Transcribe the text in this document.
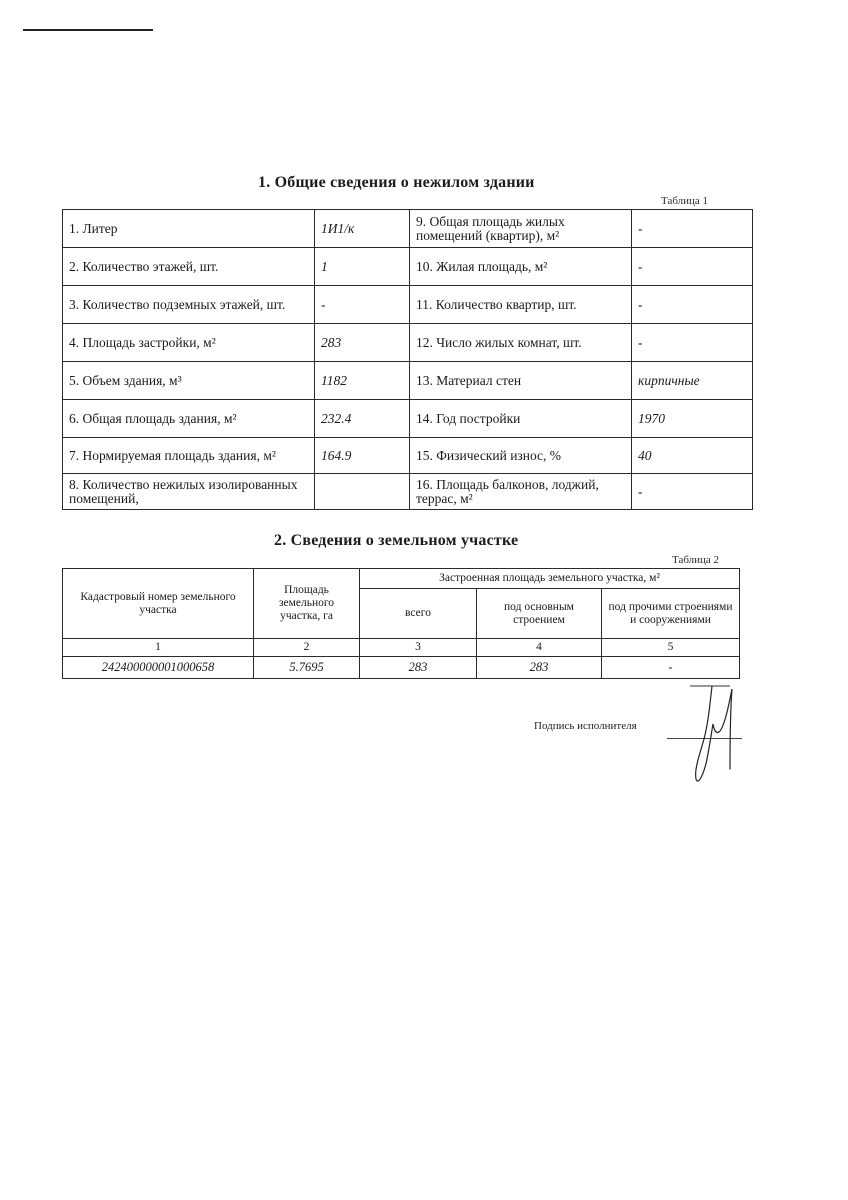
1. Общие сведения о нежилом здании
Таблица 1
1. Литер	1И1/к	9. Общая площадь жилых помещений (квартир), м²	-
2. Количество этажей, шт.	1	10. Жилая площадь, м²	-
3. Количество подземных этажей, шт.	-	11. Количество квартир, шт.	-
4. Площадь застройки, м²	283	12. Число жилых комнат, шт.	-
5. Объем здания, м³	1182	13. Материал стен	кирпичные
6. Общая площадь здания, м²	232.4	14. Год постройки	1970
7. Нормируемая площадь здания, м²	164.9	15. Физический износ, %	40
8. Количество нежилых изолированных помещений,		16. Площадь балконов, лоджий, террас, м²	-
2. Сведения о земельном участке
Таблица 2
Кадастровый номер земельного участка	Площадь земельного участка, га	Застроенная площадь земельного участка, м²		
		всего	под основным строением	под прочими строениями и сооружениями
1	2	3	4	5
242400000001000658	5.7695	283	283	-
Подпись исполнителя
